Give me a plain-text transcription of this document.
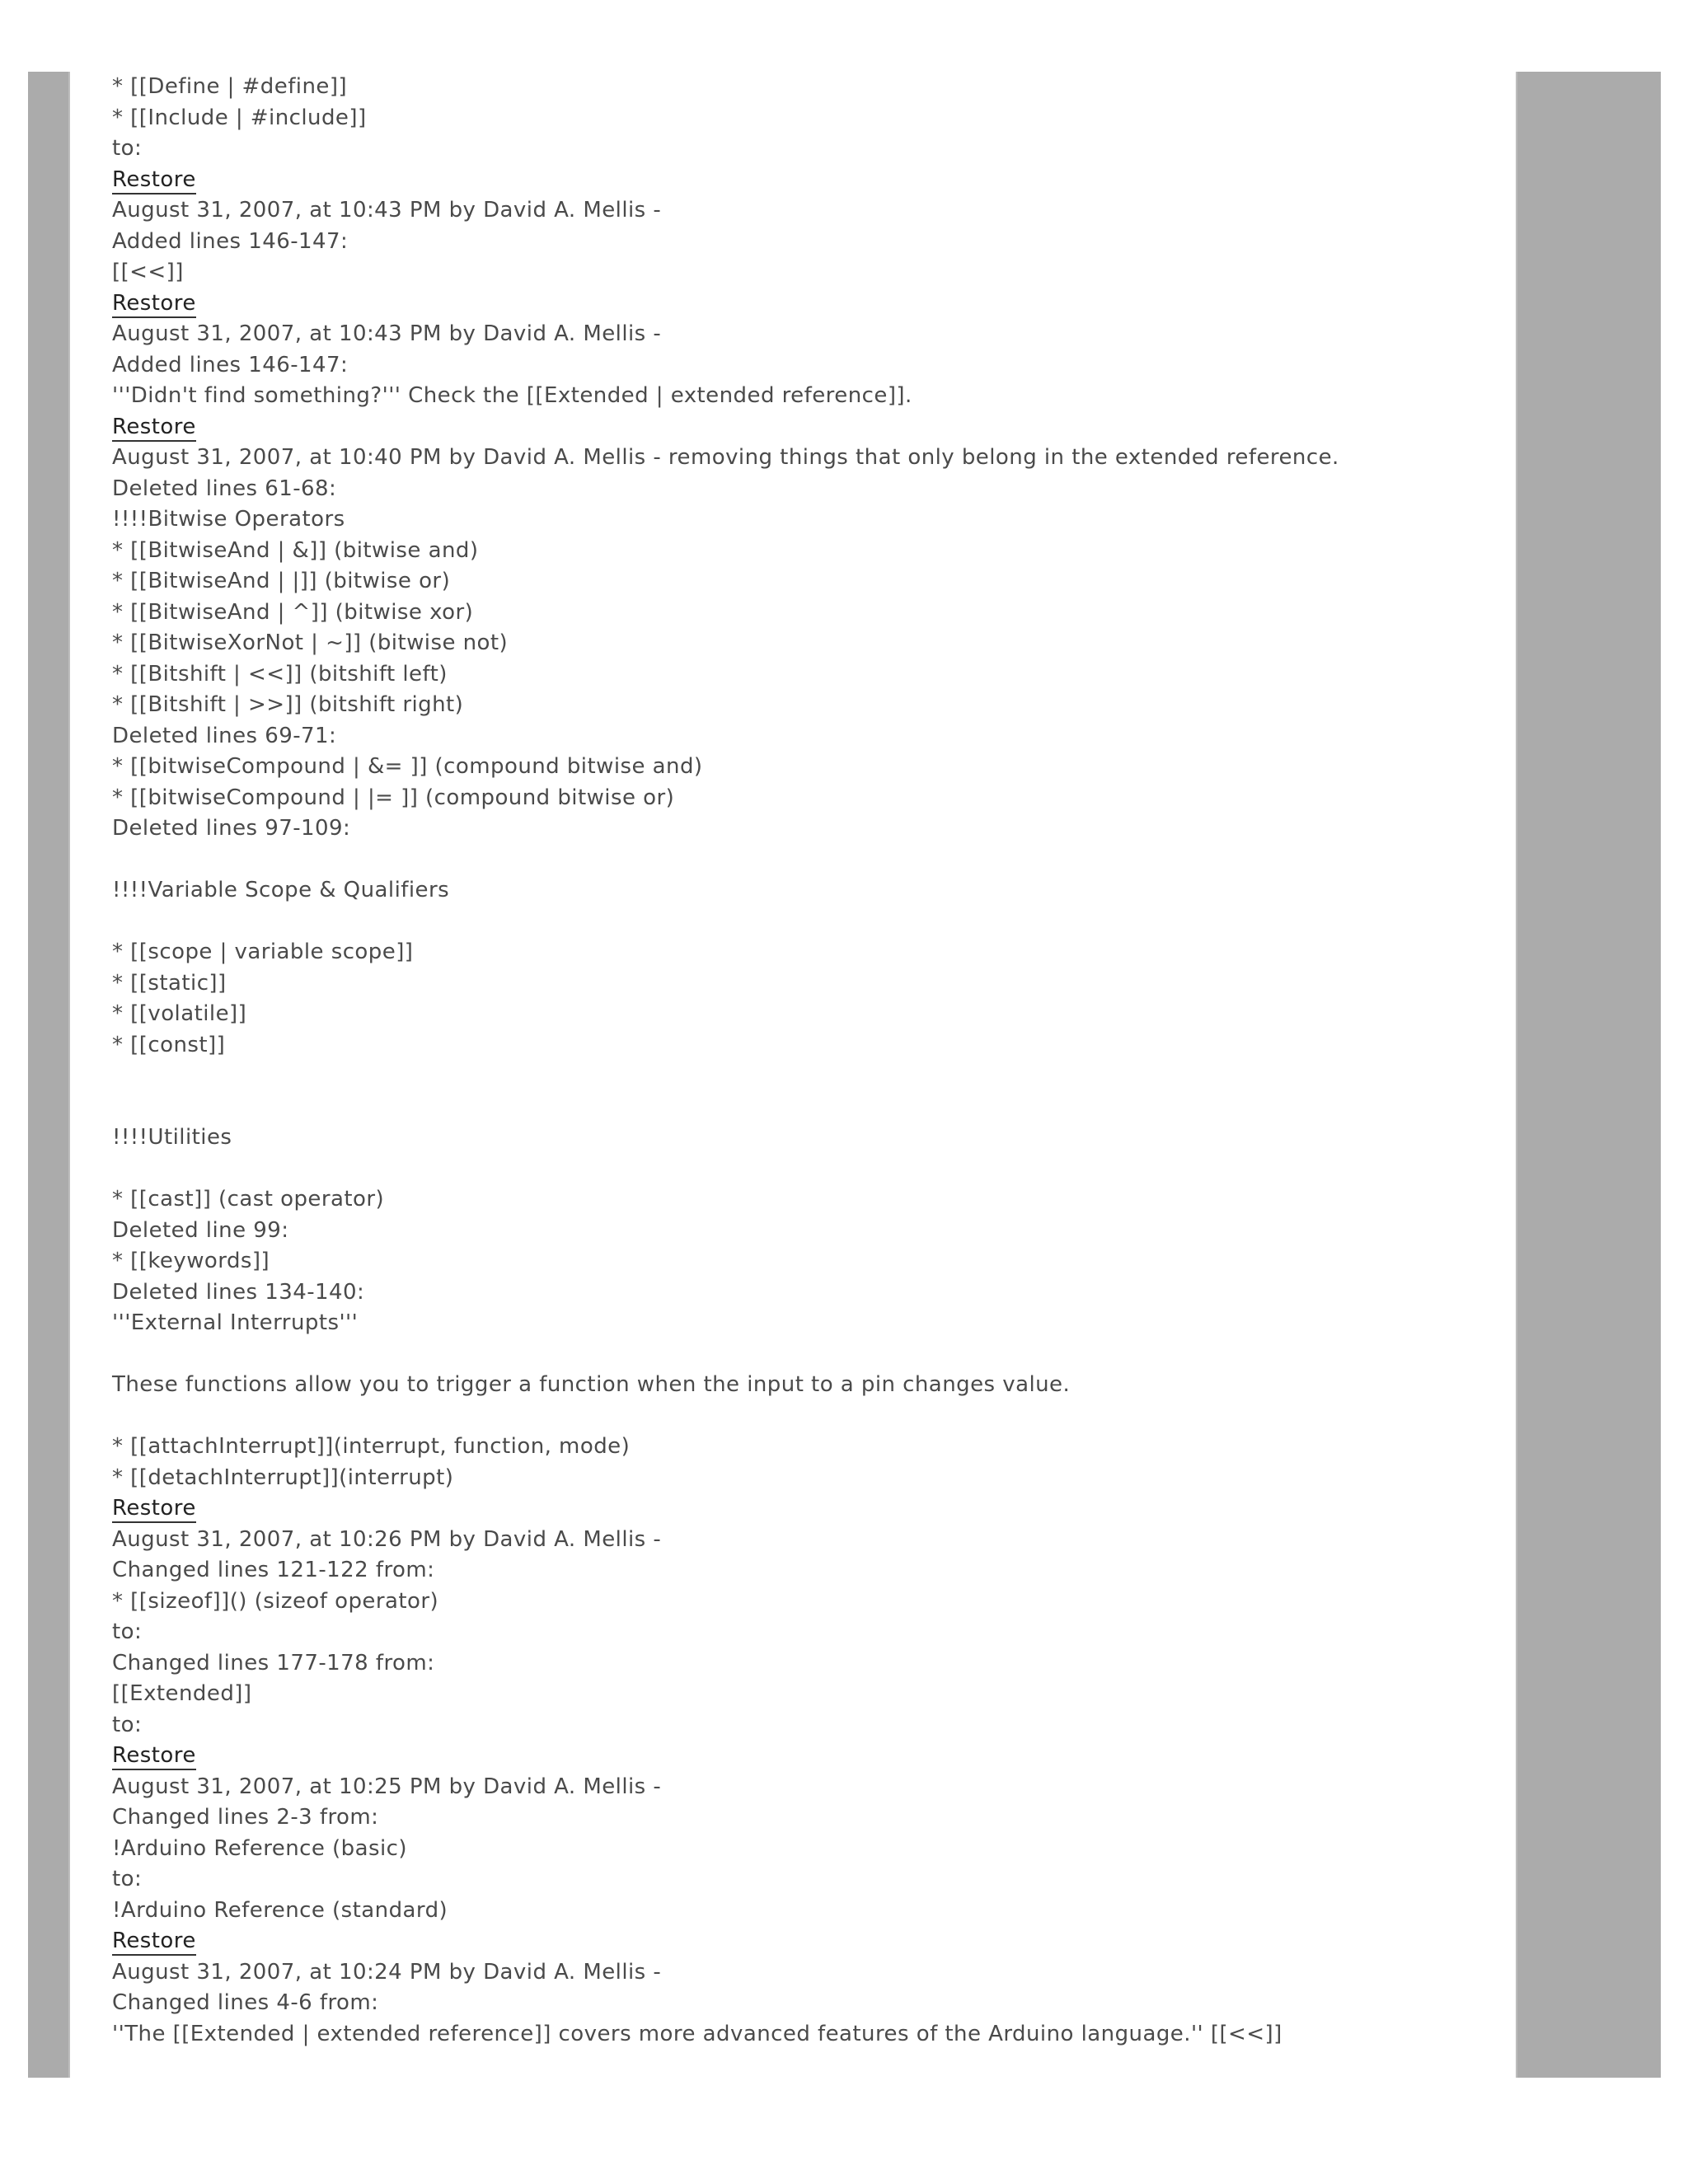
* [[Define | #define]]
* [[Include | #include]]
to:
Restore
August 31, 2007, at 10:43 PM by David A. Mellis -
Added lines 146-147:
[[<<]]
Restore
August 31, 2007, at 10:43 PM by David A. Mellis -
Added lines 146-147:
'''Didn't find something?''' Check the [[Extended | extended reference]].
Restore
August 31, 2007, at 10:40 PM by David A. Mellis - removing things that only belong in the extended reference.
Deleted lines 61-68:
!!!!Bitwise Operators
* [[BitwiseAnd | &]] (bitwise and)
* [[BitwiseAnd | |]] (bitwise or)
* [[BitwiseAnd | ^]] (bitwise xor)
* [[BitwiseXorNot | ~]] (bitwise not)
* [[Bitshift | <<]] (bitshift left)
* [[Bitshift | >>]] (bitshift right)
Deleted lines 69-71:
* [[bitwiseCompound | &= ]] (compound bitwise and)
* [[bitwiseCompound | |= ]] (compound bitwise or)
Deleted lines 97-109:
!!!!Variable Scope & Qualifiers
* [[scope | variable scope]]
* [[static]]
* [[volatile]]
* [[const]]
!!!!Utilities
* [[cast]] (cast operator)
Deleted line 99:
* [[keywords]]
Deleted lines 134-140:
'''External Interrupts'''
These functions allow you to trigger a function when the input to a pin changes value.
* [[attachInterrupt]](interrupt, function, mode)
* [[detachInterrupt]](interrupt)
Restore
August 31, 2007, at 10:26 PM by David A. Mellis -
Changed lines 121-122 from:
* [[sizeof]]() (sizeof operator)
to:
Changed lines 177-178 from:
[[Extended]]
to:
Restore
August 31, 2007, at 10:25 PM by David A. Mellis -
Changed lines 2-3 from:
!Arduino Reference (basic)
to:
!Arduino Reference (standard)
Restore
August 31, 2007, at 10:24 PM by David A. Mellis -
Changed lines 4-6 from:
''The [[Extended | extended reference]] covers more advanced features of the Arduino language.'' [[<<]]
